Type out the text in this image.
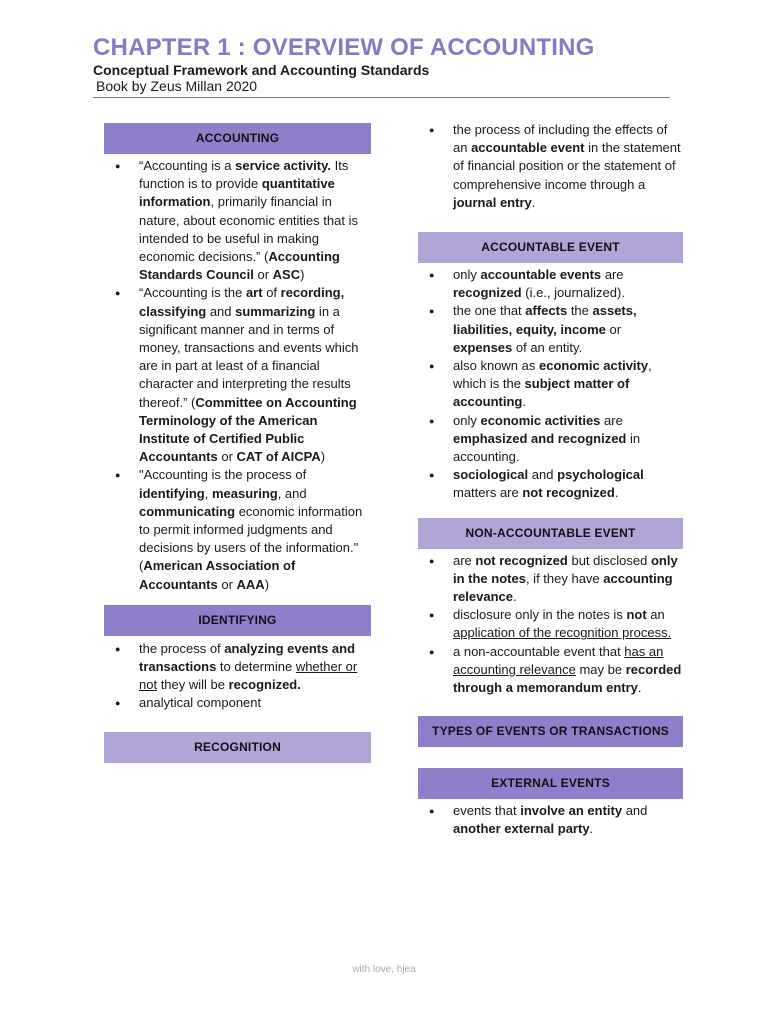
CHAPTER 1 : OVERVIEW OF ACCOUNTING

Conceptual Framework and Accounting Standards

Book by Zeus Millan 2020

ACCOUNTING
● “Accounting is a service activity. Its function is to provide quantitative information, primarily financial in nature, about economic entities that is intended to be useful in making economic decisions.” (Accounting Standards Council or ASC)
● “Accounting is the art of recording, classifying and summarizing in a significant manner and in terms of money, transactions and events which are in part at least of a financial character and interpreting the results thereof.” (Committee on Accounting Terminology of the American Institute of Certified Public Accountants or CAT of AICPA)
● "Accounting is the process of identifying, measuring, and communicating economic information to permit informed judgments and decisions by users of the information." (American Association of Accountants or AAA)
IDENTIFYING
● the process of analyzing events and transactions to determine whether or not they will be recognized.
● analytical component
RECOGNITION
● the process of including the effects of an accountable event in the statement of financial position or the statement of comprehensive income through a journal entry.
ACCOUNTABLE EVENT
● only accountable events are recognized (i.e., journalized).
● the one that affects the assets, liabilities, equity, income or expenses of an entity.
● also known as economic activity, which is the subject matter of accounting.
● only economic activities are emphasized and recognized in accounting.
● sociological and psychological matters are not recognized.
NON-ACCOUNTABLE EVENT
● are not recognized but disclosed only in the notes, if they have accounting relevance.
● disclosure only in the notes is not an application of the recognition process.
● a non-accountable event that has an accounting relevance may be recorded through a memorandum entry.
TYPES OF EVENTS OR TRANSACTIONS
EXTERNAL EVENTS
● events that involve an entity and another external party.
with love, hjea
